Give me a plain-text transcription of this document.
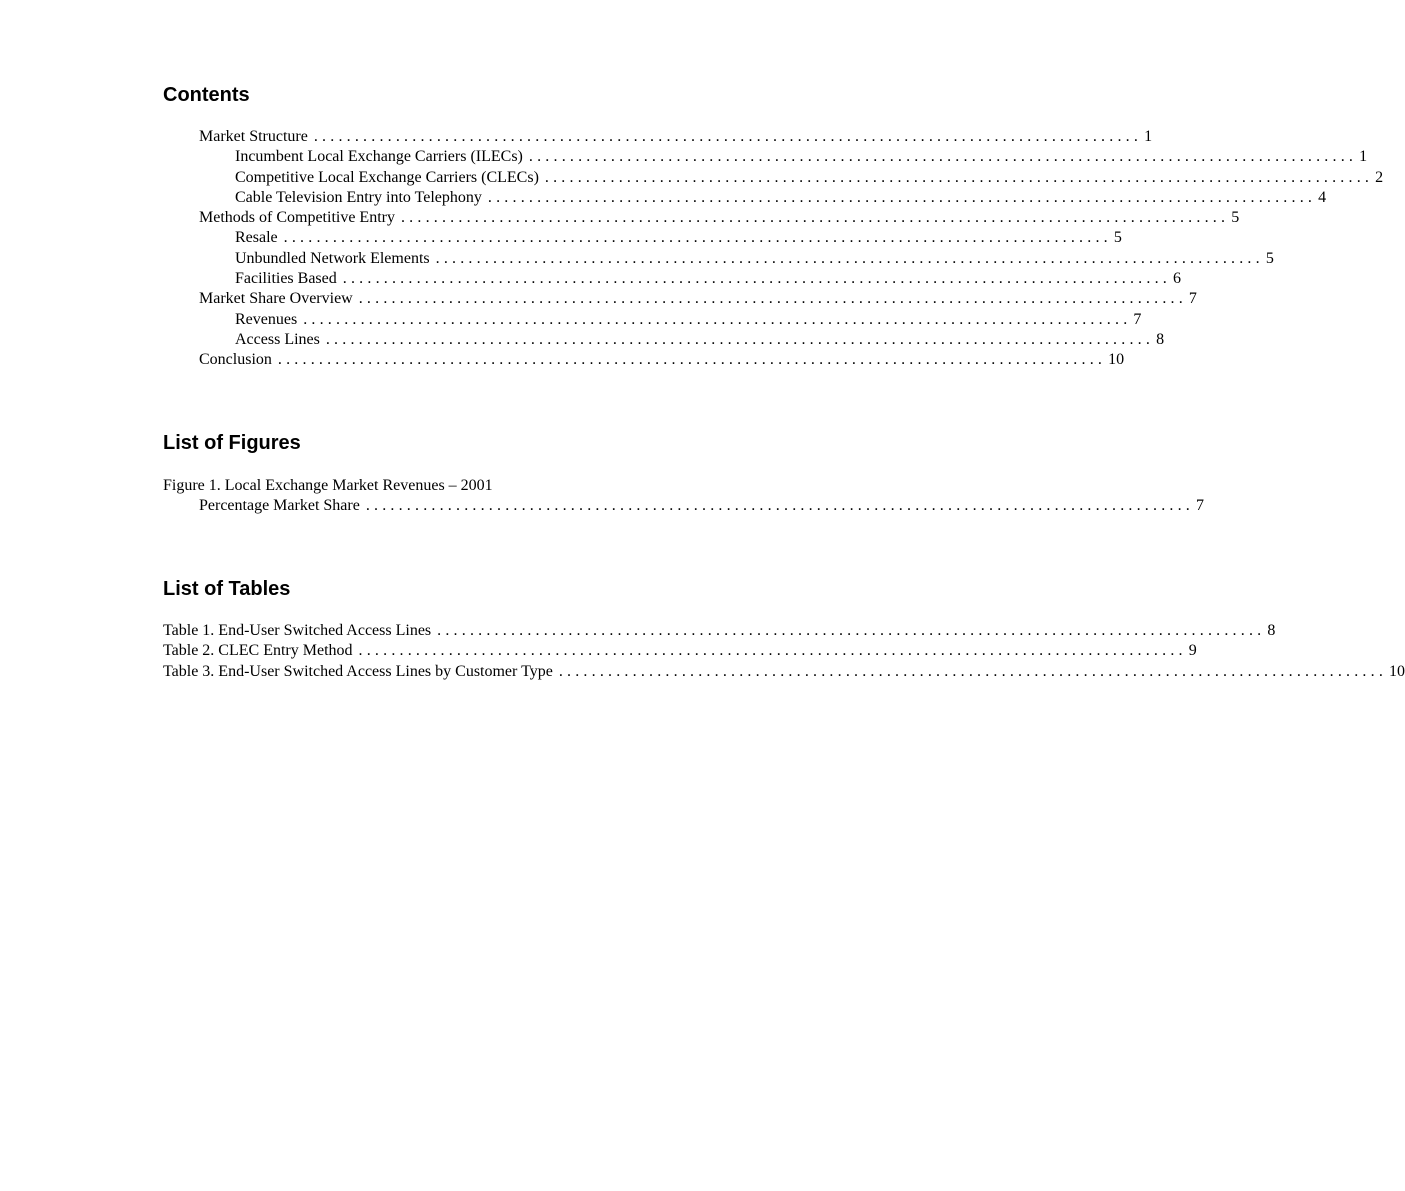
Contents
Market Structure ..................................................................................................... 1
Incumbent Local Exchange Carriers (ILECs) ..................................................................................................... 1
Competitive Local Exchange Carriers (CLECs) ..................................................................................................... 2
Cable Television Entry into Telephony ..................................................................................................... 4
Methods of Competitive Entry ..................................................................................................... 5
Resale ..................................................................................................... 5
Unbundled Network Elements ..................................................................................................... 5
Facilities Based ..................................................................................................... 6
Market Share Overview ..................................................................................................... 7
Revenues ..................................................................................................... 7
Access Lines ..................................................................................................... 8
Conclusion ..................................................................................................... 10
List of Figures
Figure 1. Local Exchange Market Revenues – 2001
Percentage Market Share ..................................................................................................... 7
List of Tables
Table 1. End-User Switched Access Lines ..................................................................................................... 8
Table 2. CLEC Entry Method ..................................................................................................... 9
Table 3. End-User Switched Access Lines by Customer Type ..................................................................................................... 10
